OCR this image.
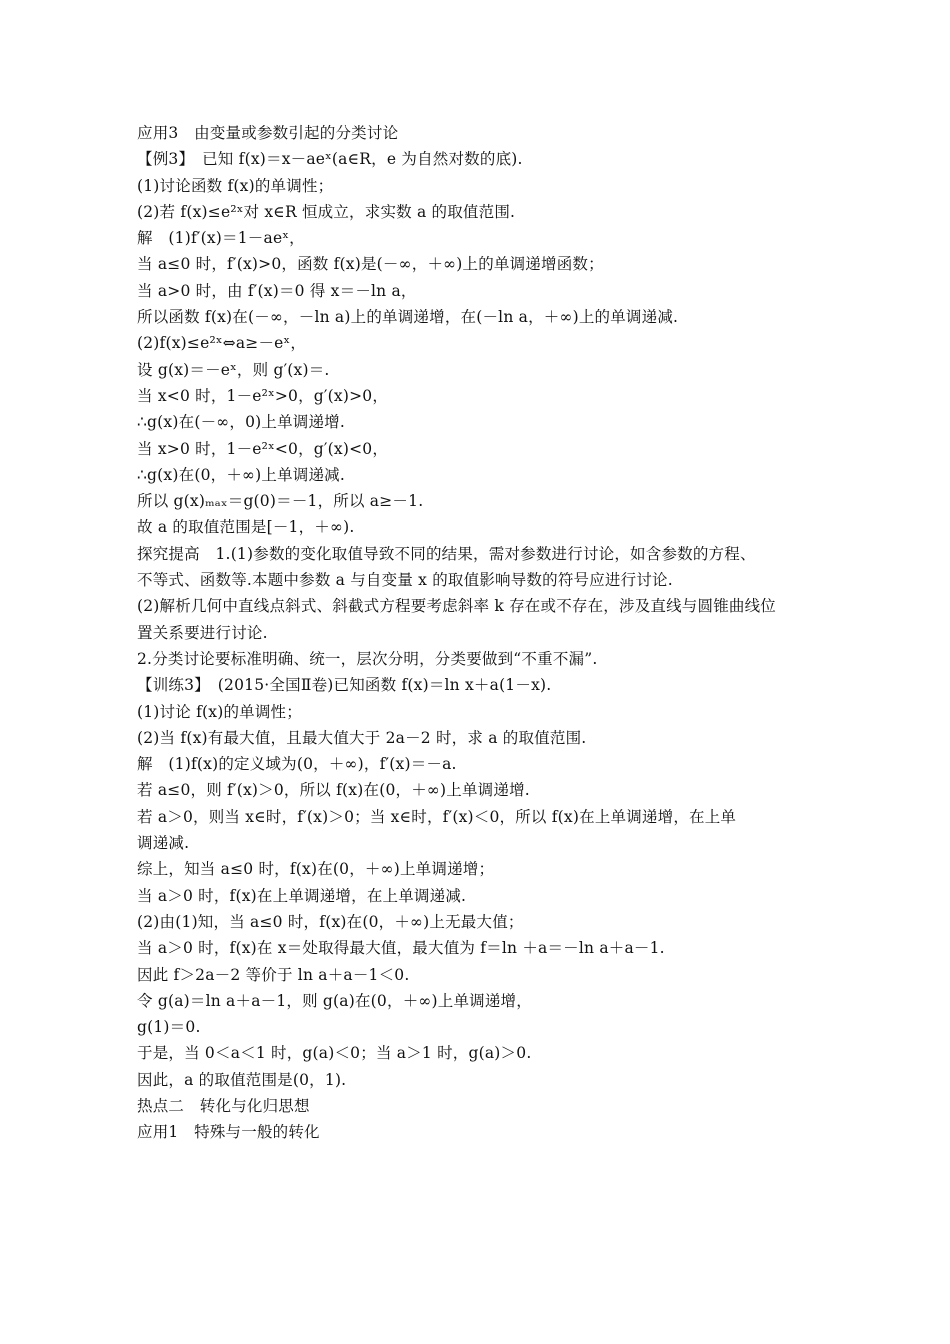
应用3　由变量或参数引起的分类讨论
【例3】　已知 f(x)＝x－aeˣ(a∈R，e 为自然对数的底).
(1)讨论函数 f(x)的单调性；
(2)若 f(x)≤e²ˣ对 x∈R 恒成立，求实数 a 的取值范围.
解　(1)f′(x)＝1－aeˣ，
当 a≤0 时，f′(x)>0，函数 f(x)是(－∞，＋∞)上的单调递增函数；
当 a>0 时，由 f′(x)＝0 得 x＝－ln a，
所以函数 f(x)在(－∞，－ln a)上的单调递增，在(－ln a，＋∞)上的单调递减.
(2)f(x)≤e²ˣ⇔a≥－eˣ，
设 g(x)＝－eˣ，则 g′(x)＝.
当 x<0 时，1－e²ˣ>0，g′(x)>0，
∴g(x)在(－∞，0)上单调递增.
当 x>0 时，1－e²ˣ<0，g′(x)<0，
∴g(x)在(0，＋∞)上单调递减.
所以 g(x)ₘₐₓ＝g(0)＝－1，所以 a≥－1.
故 a 的取值范围是[－1，＋∞).
探究提高　1.(1)参数的变化取值导致不同的结果，需对参数进行讨论，如含参数的方程、
不等式、函数等.本题中参数 a 与自变量 x 的取值影响导数的符号应进行讨论.
(2)解析几何中直线点斜式、斜截式方程要考虑斜率 k 存在或不存在，涉及直线与圆锥曲线位
置关系要进行讨论.
2.分类讨论要标准明确、统一，层次分明，分类要做到“不重不漏”.
【训练3】　(2015·全国Ⅱ卷)已知函数 f(x)＝ln x＋a(1－x).
(1)讨论 f(x)的单调性；
(2)当 f(x)有最大值，且最大值大于 2a－2 时，求 a 的取值范围.
解　(1)f(x)的定义域为(0，＋∞)，f′(x)＝－a.
若 a≤0，则 f′(x)＞0，所以 f(x)在(0，＋∞)上单调递增.
若 a＞0，则当 x∈时，f′(x)＞0；当 x∈时，f′(x)＜0，所以 f(x)在上单调递增，在上单
调递减.
综上，知当 a≤0 时，f(x)在(0，＋∞)上单调递增；
当 a＞0 时，f(x)在上单调递增，在上单调递减.
(2)由(1)知，当 a≤0 时，f(x)在(0，＋∞)上无最大值；
当 a＞0 时，f(x)在 x＝处取得最大值，最大值为 f＝ln ＋a＝－ln a＋a－1.
因此 f＞2a－2 等价于 ln a＋a－1＜0.
令 g(a)＝ln a＋a－1，则 g(a)在(0，＋∞)上单调递增，
g(1)＝0.
于是，当 0＜a＜1 时，g(a)＜0；当 a＞1 时，g(a)＞0.
因此，a 的取值范围是(0，1).
热点二　转化与化归思想
应用1　特殊与一般的转化
